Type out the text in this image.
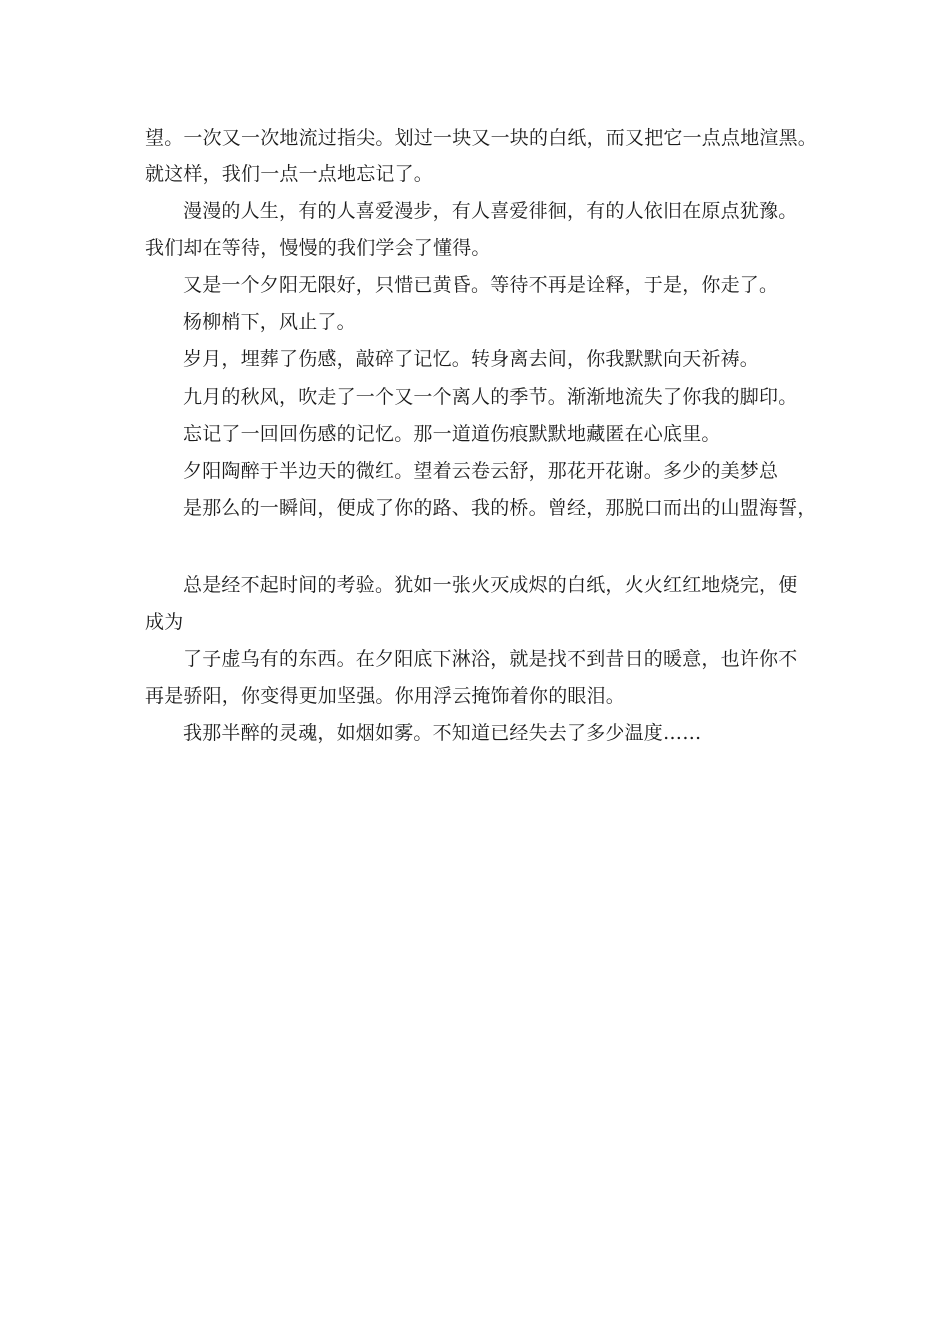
望。一次又一次地流过指尖。划过一块又一块的白纸，而又把它一点点地渲黑。
就这样，我们一点一点地忘记了。
漫漫的人生，有的人喜爱漫步，有人喜爱徘徊，有的人依旧在原点犹豫。
我们却在等待，慢慢的我们学会了懂得。
又是一个夕阳无限好，只惜已黄昏。等待不再是诠释，于是，你走了。
杨柳梢下，风止了。
岁月，埋葬了伤感，敲碎了记忆。转身离去间，你我默默向天祈祷。
九月的秋风，吹走了一个又一个离人的季节。渐渐地流失了你我的脚印。
忘记了一回回伤感的记忆。那一道道伤痕默默地藏匿在心底里。
夕阳陶醉于半边天的微红。望着云卷云舒，那花开花谢。多少的美梦总
是那么的一瞬间，便成了你的路、我的桥。曾经，那脱口而出的山盟海誓，
总是经不起时间的考验。犹如一张火灭成烬的白纸，火火红红地烧完，便
成为
了子虚乌有的东西。在夕阳底下淋浴，就是找不到昔日的暖意，也许你不
再是骄阳，你变得更加坚强。你用浮云掩饰着你的眼泪。
我那半醉的灵魂，如烟如雾。不知道已经失去了多少温度……
